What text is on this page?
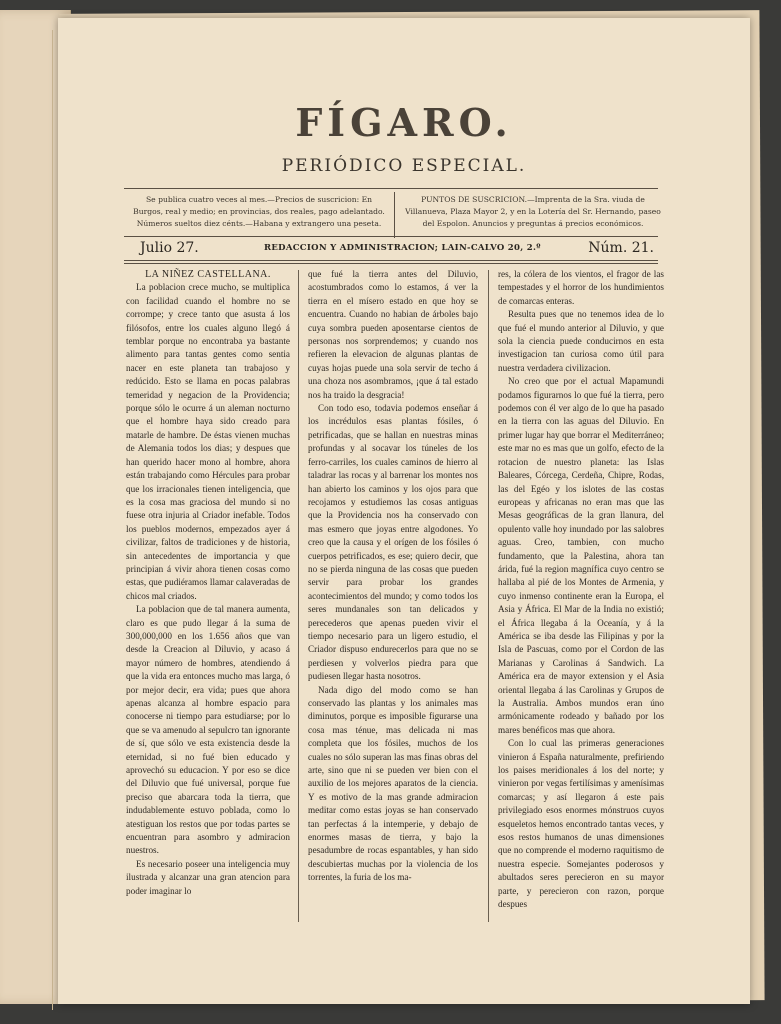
FÍGARO.
PERIÓDICO ESPECIAL.
Se publica cuatro veces al mes.—Precios de suscricion: En Burgos, real y medio; en provincias, dos reales, pago adelantado. Números sueltos diez cénts.—Habana y extrangero una peseta.
PUNTOS DE SUSCRICION.—Imprenta de la Sra. viuda de Villanueva, Plaza Mayor 2, y en la Lotería del Sr. Hernando, paseo del Espolon. Anuncios y preguntas á precios económicos.
Julio 27.	REDACCION Y ADMINISTRACION; LAIN-CALVO 20, 2.º	Núm. 21.

LA NIÑEZ CASTELLANA.

La poblacion crece mucho, se multiplica con facilidad cuando el hombre no se corrompe; y crece tanto que asusta á los filósofos, entre los cuales alguno llegó á temblar porque no encontraba ya bastante alimento para tantas gentes como sentia nacer en este planeta tan trabajoso y redúcido. Esto se llama en pocas palabras temeridad y negacion de la Providencia; porque sólo le ocurre á un aleman nocturno que el hombre haya sido creado para matarle de hambre. De éstas vienen muchas de Alemania todos los dias; y despues que han querido hacer mono al hombre, ahora están trabajando como Hércules para probar que los irracionales tienen inteligencia, que es la cosa mas graciosa del mundo si no fuese otra injuria al Criador inefable. Todos los pueblos modernos, empezados ayer á civilizar, faltos de tradiciones y de historia, sin antecedentes de importancia y que principian á vivir ahora tienen cosas como estas, que pudiéramos llamar calaveradas de chicos mal criados.

La poblacion que de tal manera aumenta, claro es que pudo llegar á la suma de 300,000,000 en los 1.656 años que van desde la Creacion al Diluvio, y acaso á mayor número de hombres, atendiendo á que la vida era entonces mucho mas larga, ó por mejor decir, era vida; pues que ahora apenas alcanza al hombre espacio para conocerse ni tiempo para estudiarse; por lo que se va amenudo al sepulcro tan ignorante de sí, que sólo ve esta existencia desde la eternidad, si no fué bien educado y aprovechó su educacion. Y por eso se dice del Diluvio que fué universal, porque fue preciso que abarcara toda la tierra, que indudablemente estuvo poblada, como lo atestiguan los restos que por todas partes se encuentran para asombro y admiracion nuestros.

Es necesario poseer una inteligencia muy ilustrada y alcanzar una gran atencion para poder imaginar lo

que fué la tierra antes del Diluvio, acostumbrados como lo estamos, á ver la tierra en el mísero estado en que hoy se encuentra. Cuando no habian de árboles bajo cuya sombra pueden aposentarse cientos de personas nos sorprendemos; y cuando nos refieren la elevacion de algunas plantas de cuyas hojas puede una sola servir de techo á una choza nos asombramos, ¡que á tal estado nos ha traido la desgracia!

Con todo eso, todavia podemos enseñar á los incrédulos esas plantas fósiles, ó petrificadas, que se hallan en nuestras minas profundas y al socavar los túneles de los ferro-carriles, los cuales caminos de hierro al taladrar las rocas y al barrenar los montes nos han abierto los caminos y los ojos para que recojamos y estudiemos las cosas antiguas que la Providencia nos ha conservado con mas esmero que joyas entre algodones. Yo creo que la causa y el orígen de los fósiles ó cuerpos petrificados, es ese; quiero decir, que no se pierda ninguna de las cosas que pueden servir para probar los grandes acontecimientos del mundo; y como todos los seres mundanales son tan delicados y perecederos que apenas pueden vivir el tiempo necesario para un ligero estudio, el Criador dispuso endurecerlos para que no se perdiesen y volverlos piedra para que pudiesen llegar hasta nosotros.

Nada digo del modo como se han conservado las plantas y los animales mas diminutos, porque es imposible figurarse una cosa mas ténue, mas delicada ni mas completa que los fósiles, muchos de los cuales no sólo superan las mas finas obras del arte, sino que ni se pueden ver bien con el auxilio de los mejores aparatos de la ciencia. Y es motivo de la mas grande admiracion meditar como estas joyas se han conservado tan perfectas á la intemperie, y debajo de enormes masas de tierra, y bajo la pesadumbre de rocas espantables, y han sido descubiertas muchas por la violencia de los torrentes, la furia de los ma-

res, la cólera de los vientos, el fragor de las tempestades y el horror de los hundimientos de comarcas enteras.

Resulta pues que no tenemos idea de lo que fué el mundo anterior al Diluvio, y que sola la ciencia puede conducirnos en esta investigacion tan curiosa como útil para nuestra verdadera civilizacion.

No creo que por el actual Mapamundi podamos figurarnos lo que fué la tierra, pero podemos con él ver algo de lo que ha pasado en la tierra con las aguas del Diluvio. En primer lugar hay que borrar el Mediterráneo; este mar no es mas que un golfo, efecto de la rotacion de nuestro planeta: las Islas Baleares, Córcega, Cerdeña, Chipre, Rodas, las del Egéo y los islotes de las costas europeas y africanas no eran mas que las Mesas geográficas de la gran llanura, del opulento valle hoy inundado por las salobres aguas. Creo, tambien, con mucho fundamento, que la Palestina, ahora tan árida, fué la region magnífica cuyo centro se hallaba al pié de los Montes de Armenia, y cuyo inmenso continente eran la Europa, el Asia y África. El Mar de la India no existió; el África llegaba á la Oceanía, y á la América se iba desde las Filipinas y por la Isla de Pascuas, como por el Cordon de las Marianas y Carolinas á Sandwich. La América era de mayor extension y el Asia oriental llegaba á las Carolinas y Grupos de la Australia. Ambos mundos eran úno armónicamente rodeado y bañado por los mares benéficos mas que ahora.

Con lo cual las primeras generaciones vinieron á España naturalmente, prefiriendo los paises meridionales á los del norte; y vinieron por vegas fertilísimas y amenísimas comarcas; y así llegaron á este pais privilegiado esos enormes mónstruos cuyos esqueletos hemos encontrado tantas veces, y esos restos humanos de unas dimensiones que no comprende el moderno raquitismo de nuestra especie. Somejantes poderosos y abultados seres perecieron en su mayor parte, y perecieron con razon, porque despues
